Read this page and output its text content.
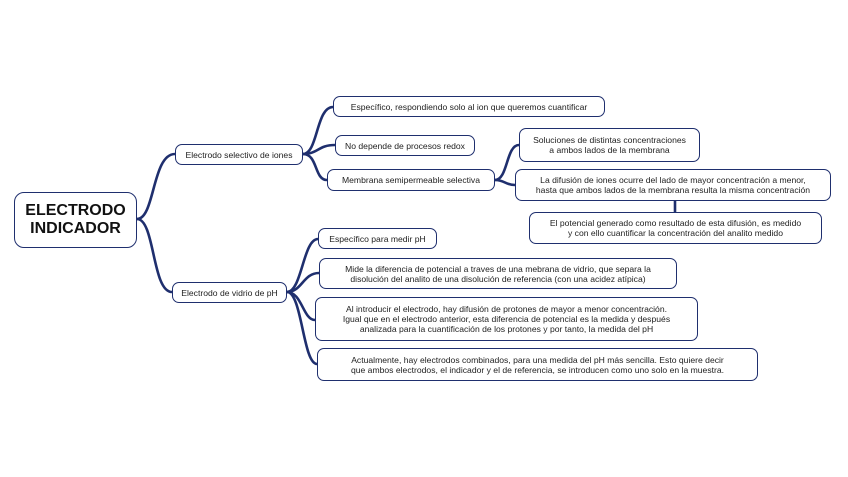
ELECTRODO
INDICADOR
Electrodo selectivo de iones
Específico, respondiendo solo al ion que queremos cuantificar
No depende de procesos redox
Membrana semipermeable selectiva
Soluciones de distintas concentraciones
a ambos lados de la membrana
La difusión de iones ocurre del lado de mayor concentración a menor,
hasta que ambos lados de la membrana resulta la misma concentración
El potencial generado como resultado de esta difusión, es medido
y con ello cuantificar la concentración del analito medido
Electrodo de vidrio de pH
Específico para medir pH
Mide la diferencia de potencial a traves de una mebrana de vidrio, que separa la
disolución del analito de una disolución de referencia (con una acidez atípica)
Al introducir el electrodo, hay difusión de protones de mayor a menor concentración.
Igual que en el electrodo anterior, esta diferencia de potencial es la medida y después
analizada para la cuantificación de los protones y por tanto, la medida del pH
Actualmente, hay electrodos combinados, para una medida del pH más sencilla. Esto quiere decir
que ambos electrodos, el indicador y el de referencia, se introducen como uno solo en la muestra.
